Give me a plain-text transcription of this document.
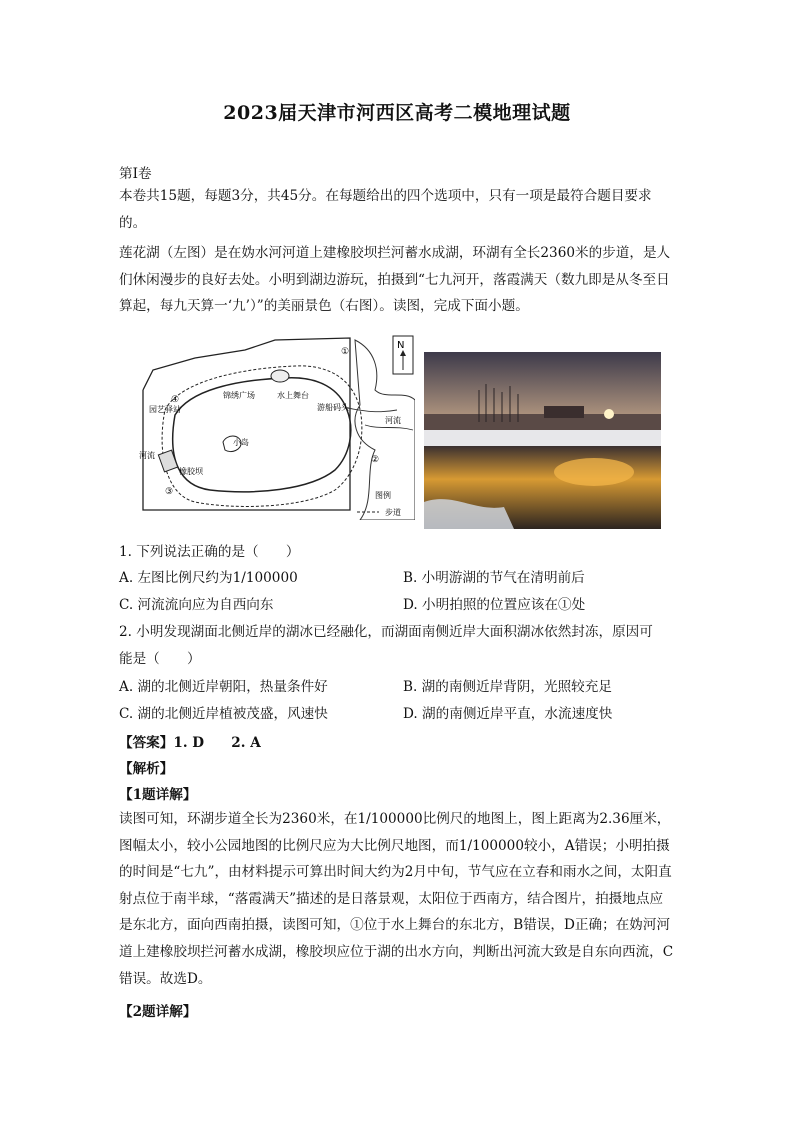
2023届天津市河西区高考二模地理试题
第Ⅰ卷
本卷共15题，每题3分，共45分。在每题给出的四个选项中，只有一项是最符合题目要求的。
莲花湖（左图）是在妫水河河道上建橡胶坝拦河蓄水成湖，环湖有全长2360米的步道，是人们休闲漫步的良好去处。小明到湖边游玩，拍摄到“七九河开，落霞满天（数九即是从冬至日算起，每九天算一‘九’）”的美丽景色（右图）。读图，完成下面小题。
N
小岛
水上舞台
锦绣广场
游船码头
园艺驿站
河流
河流
橡胶坝
①
②
③
④
图例
步道
1. 下列说法正确的是（　　）
A. 左图比例尺约为1/100000	B. 小明游湖的节气在清明前后
C. 河流流向应为自西向东	D. 小明拍照的位置应该在①处
2. 小明发现湖面北侧近岸的湖冰已经融化，而湖面南侧近岸大面积湖冰依然封冻，原因可
能是（　　）
A. 湖的北侧近岸朝阳，热量条件好	B. 湖的南侧近岸背阴，光照较充足
C. 湖的北侧近岸植被茂盛，风速快	D. 湖的南侧近岸平直，水流速度快
【答案】1. D　　2. A
【解析】
【1题详解】
读图可知，环湖步道全长为2360米，在1/100000比例尺的地图上，图上距离为2.36厘米，图幅太小，较小公园地图的比例尺应为大比例尺地图，而1/100000较小，A错误；小明拍摄的时间是“七九”，由材料提示可算出时间大约为2月中旬，节气应在立春和雨水之间，太阳直射点位于南半球，“落霞满天”描述的是日落景观，太阳位于西南方，结合图片，拍摄地点应是东北方，面向西南拍摄，读图可知，①位于水上舞台的东北方，B错误，D正确；在妫河河道上建橡胶坝拦河蓄水成湖，橡胶坝应位于湖的出水方向，判断出河流大致是自东向西流，C错误。故选D。
【2题详解】
